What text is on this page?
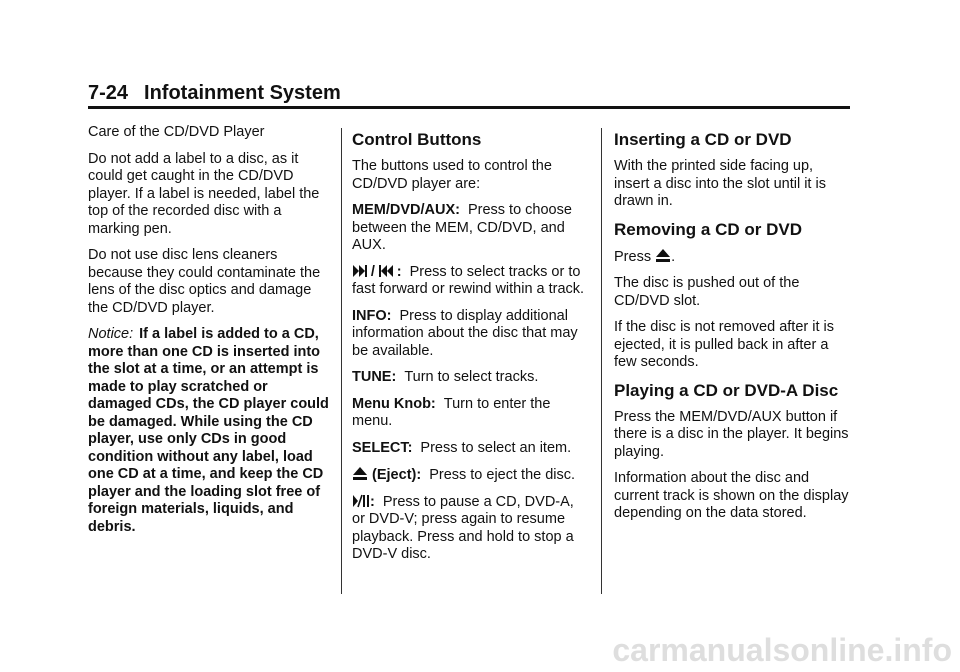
7-24 Infotainment System

Care of the CD/DVD Player

Do not add a label to a disc, as it could get caught in the CD/DVD player. If a label is needed, label the top of the recorded disc with a marking pen.

Do not use disc lens cleaners because they could contaminate the lens of the disc optics and damage the CD/DVD player.

Notice: If a label is added to a CD, more than one CD is inserted into the slot at a time, or an attempt is made to play scratched or damaged CDs, the CD player could be damaged. While using the CD player, use only CDs in good condition without any label, load one CD at a time, and keep the CD player and the loading slot free of foreign materials, liquids, and debris.

Control Buttons

The buttons used to control the CD/DVD player are:

MEM/DVD/AUX: Press to choose between the MEM, CD/DVD, and AUX.

 / 
 : Press to select tracks or to fast forward or rewind within a track.

INFO: Press to display additional information about the disc that may be available.

TUNE: Turn to select tracks.

Menu Knob: Turn to enter the menu.

SELECT: Press to select an item.

(Eject): Press to eject the disc.

: Press to pause a CD, DVD-A, or DVD-V; press again to resume playback. Press and hold to stop a DVD-V disc.

Inserting a CD or DVD

With the printed side facing up, insert a disc into the slot until it is drawn in.

Removing a CD or DVD

Press .

The disc is pushed out of the CD/DVD slot.

If the disc is not removed after it is ejected, it is pulled back in after a few seconds.

Playing a CD or DVD-A Disc

Press the MEM/DVD/AUX button if there is a disc in the player. It begins playing.

Information about the disc and current track is shown on the display depending on the data stored.

carmanualsonline.info
